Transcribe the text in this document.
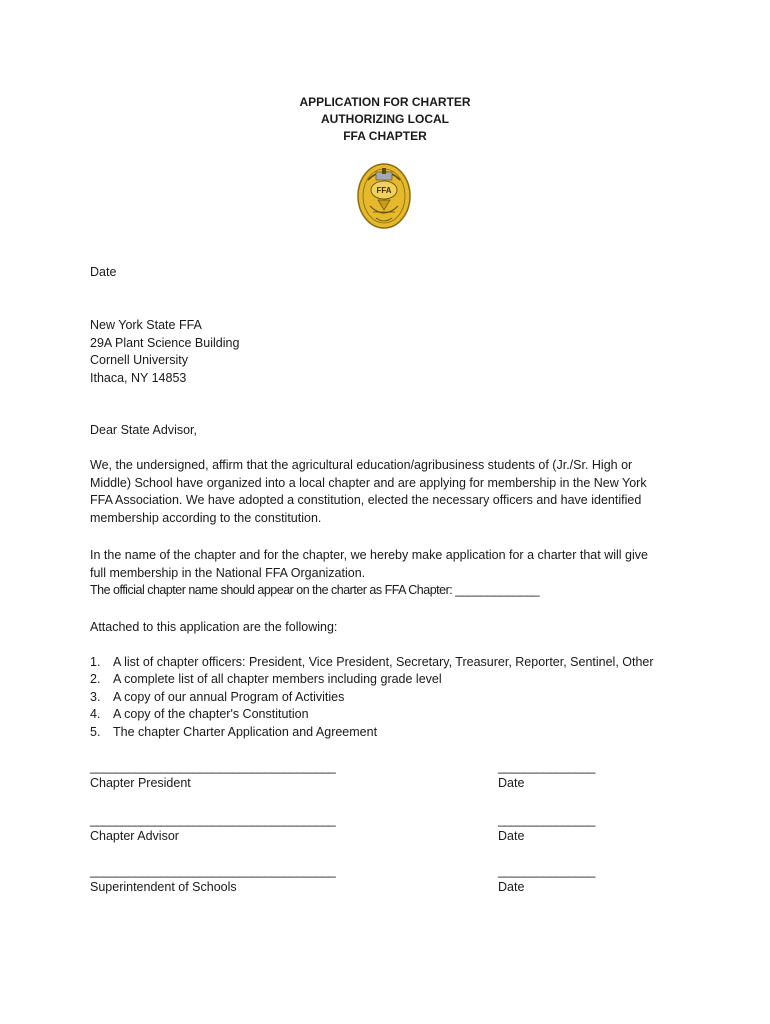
APPLICATION FOR CHARTER
AUTHORIZING LOCAL
FFA CHAPTER
FFA
Date
New York State FFA
29A Plant Science Building
Cornell University
Ithaca, NY 14853
Dear State Advisor,
We, the undersigned, affirm that the agricultural education/agribusiness students of (Jr./Sr. High or
Middle) School have organized into a local chapter and are applying for membership in the New York
FFA Association. We have adopted a constitution, elected the necessary officers and have identified
membership according to the constitution.
In the name of the chapter and for the chapter, we hereby make application for a charter that will give
full membership in the National FFA Organization.
The official chapter name should appear on the charter as FFA Chapter: _____________
Attached to this application are the following:
1.	A list of chapter officers: President, Vice President, Secretary, Treasurer, Reporter, Sentinel, Other
2.	A complete list of all chapter members including grade level
3.	A copy of our annual Program of Activities
4.	A copy of the chapter's Constitution
5.	The chapter Charter Application and Agreement
______________________________________
Chapter President
_______________
Date
______________________________________
Chapter Advisor
_______________
Date
______________________________________
Superintendent of Schools
_______________
Date
